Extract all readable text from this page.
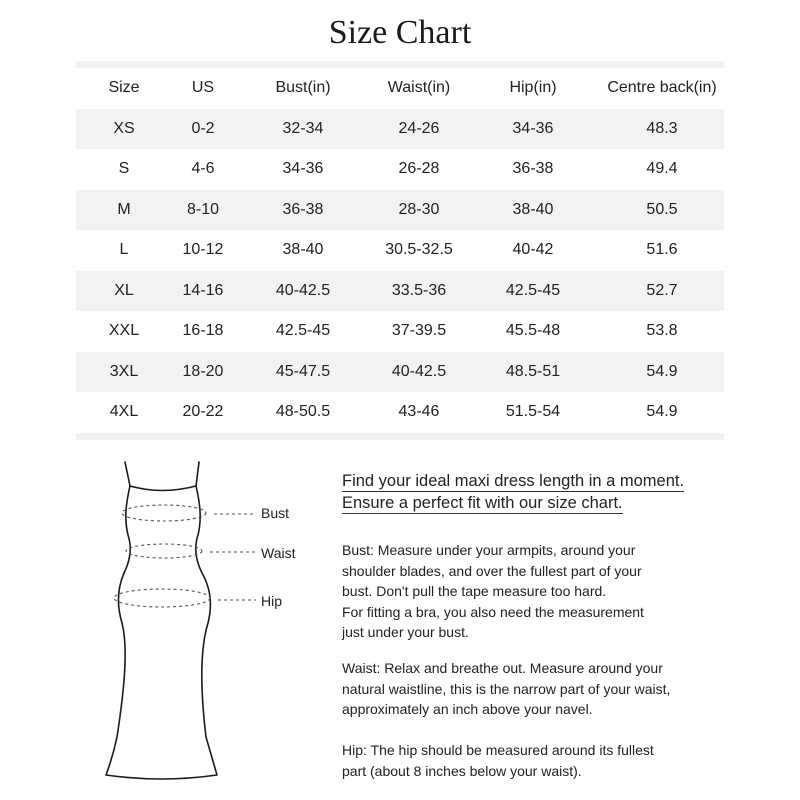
Size Chart
Size	US	Bust(in)	Waist(in)	Hip(in)	Centre back(in)
XS	0-2	32-34	24-26	34-36	48.3
S	4-6	34-36	26-28	36-38	49.4
M	8-10	36-38	28-30	38-40	50.5
L	10-12	38-40	30.5-32.5	40-42	51.6
XL	14-16	40-42.5	33.5-36	42.5-45	52.7
XXL	16-18	42.5-45	37-39.5	45.5-48	53.8
3XL	18-20	45-47.5	40-42.5	48.5-51	54.9
4XL	20-22	48-50.5	43-46	51.5-54	54.9
Bust
Waist
Hip
Find your ideal maxi dress length in a moment.
Ensure a perfect fit with our size chart.
Bust: Measure under your armpits, around your
shoulder blades, and over the fullest part of your
bust. Don't pull the tape measure too hard.
For fitting a bra, you also need the measurement
just under your bust.
Waist: Relax and breathe out. Measure around your
natural waistline, this is the narrow part of your waist,
approximately an inch above your navel.
Hip: The hip should be measured around its fullest
part (about 8 inches below your waist).
